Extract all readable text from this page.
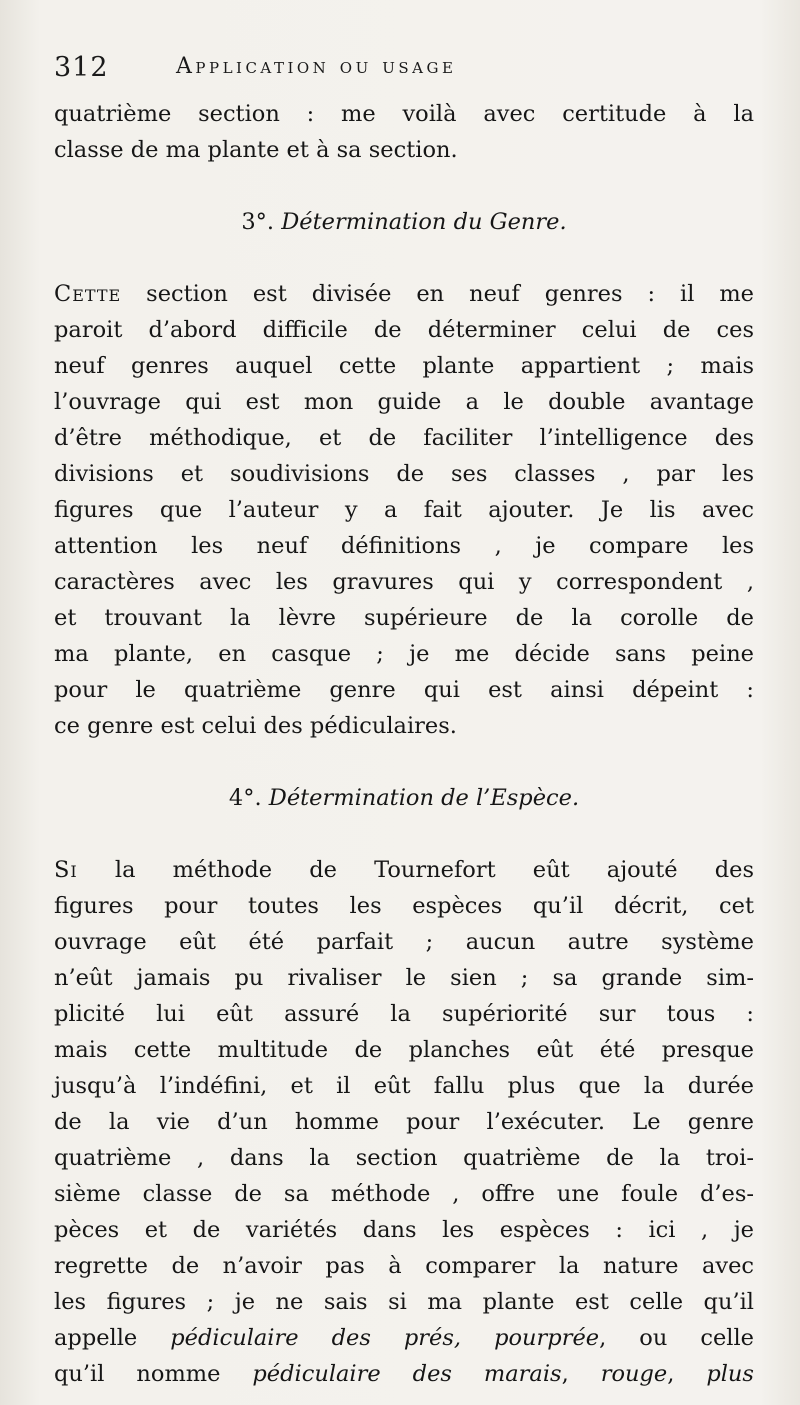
312	Application ou usage
quatrième section : me voilà avec certitude à la
classe de ma plante et à sa section.
3°. Détermination du Genre.
Cette section est divisée en neuf genres : il me
paroit d’abord difficile de déterminer celui de ces
neuf genres auquel cette plante appartient ; mais
l’ouvrage qui est mon guide a le double avantage
d’être méthodique, et de faciliter l’intelligence des
divisions et soudivisions de ses classes , par les
figures que l’auteur y a fait ajouter. Je lis avec
attention les neuf définitions , je compare les
caractères avec les gravures qui y correspondent ,
et trouvant la lèvre supérieure de la corolle de
ma plante, en casque ; je me décide sans peine
pour le quatrième genre qui est ainsi dépeint :
ce genre est celui des pédiculaires.
4°. Détermination de l’Espèce.
Si la méthode de Tournefort eût ajouté des
figures pour toutes les espèces qu’il décrit, cet
ouvrage eût été parfait ; aucun autre système
n’eût jamais pu rivaliser le sien ; sa grande sim-
plicité lui eût assuré la supériorité sur tous :
mais cette multitude de planches eût été presque
jusqu’à l’indéfini, et il eût fallu plus que la durée
de la vie d’un homme pour l’exécuter. Le genre
quatrième , dans la section quatrième de la troi-
sième classe de sa méthode , offre une foule d’es-
pèces et de variétés dans les espèces : ici , je
regrette de n’avoir pas à comparer la nature avec
les figures ; je ne sais si ma plante est celle qu’il
appelle pédiculaire des prés, pourprée, ou celle
qu’il nomme pédiculaire des marais, rouge, plus
